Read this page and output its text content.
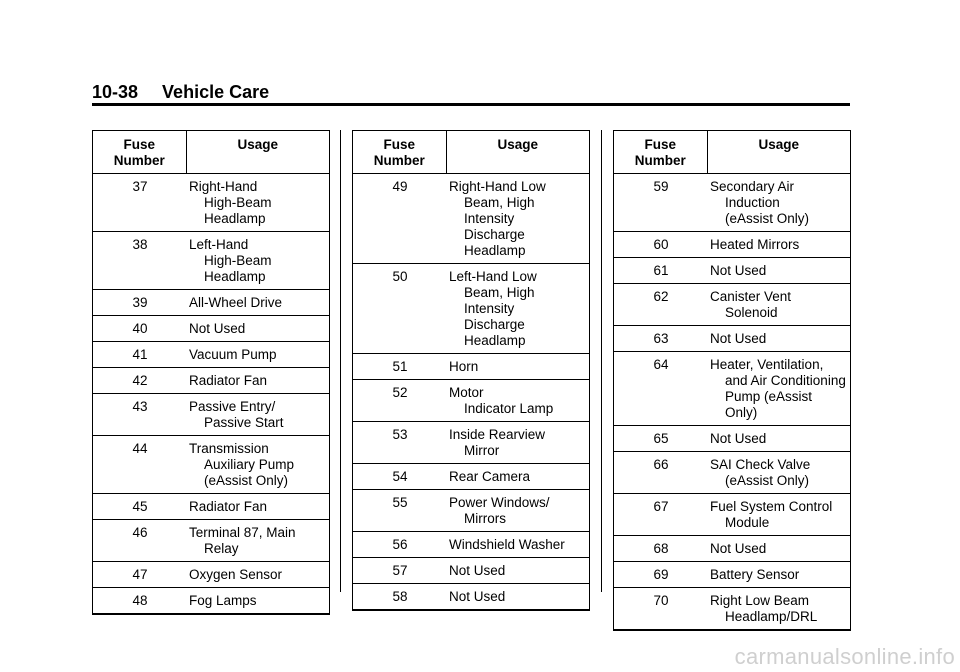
10-38 Vehicle Care
Fuse
Number	Usage
37	Right-Hand
High-Beam
Headlamp

38	Left-Hand
High-Beam
Headlamp

39	All-Wheel Drive

40	Not Used

41	Vacuum Pump

42	Radiator Fan

43	Passive Entry/
Passive Start

44	Transmission
Auxiliary Pump
(eAssist Only)

45	Radiator Fan

46	Terminal 87, Main
Relay

47	Oxygen Sensor

48	Fog Lamps
Fuse
Number	Usage
49	Right-Hand Low
Beam, High Intensity
Discharge
Headlamp

50	Left-Hand Low
Beam, High Intensity
Discharge
Headlamp

51	Horn

52	Motor
Indicator Lamp

53	Inside Rearview
Mirror

54	Rear Camera

55	Power Windows/
Mirrors

56	Windshield Washer

57	Not Used

58	Not Used
Fuse
Number	Usage
59	Secondary Air
Induction
(eAssist Only)

60	Heated Mirrors

61	Not Used

62	Canister Vent
Solenoid

63	Not Used

64	Heater, Ventilation,
and Air Conditioning
Pump (eAssist Only)

65	Not Used

66	SAI Check Valve
(eAssist Only)

67	Fuel System Control
Module

68	Not Used

69	Battery Sensor

70	Right Low Beam
Headlamp/DRL
carmanualsonline.info
